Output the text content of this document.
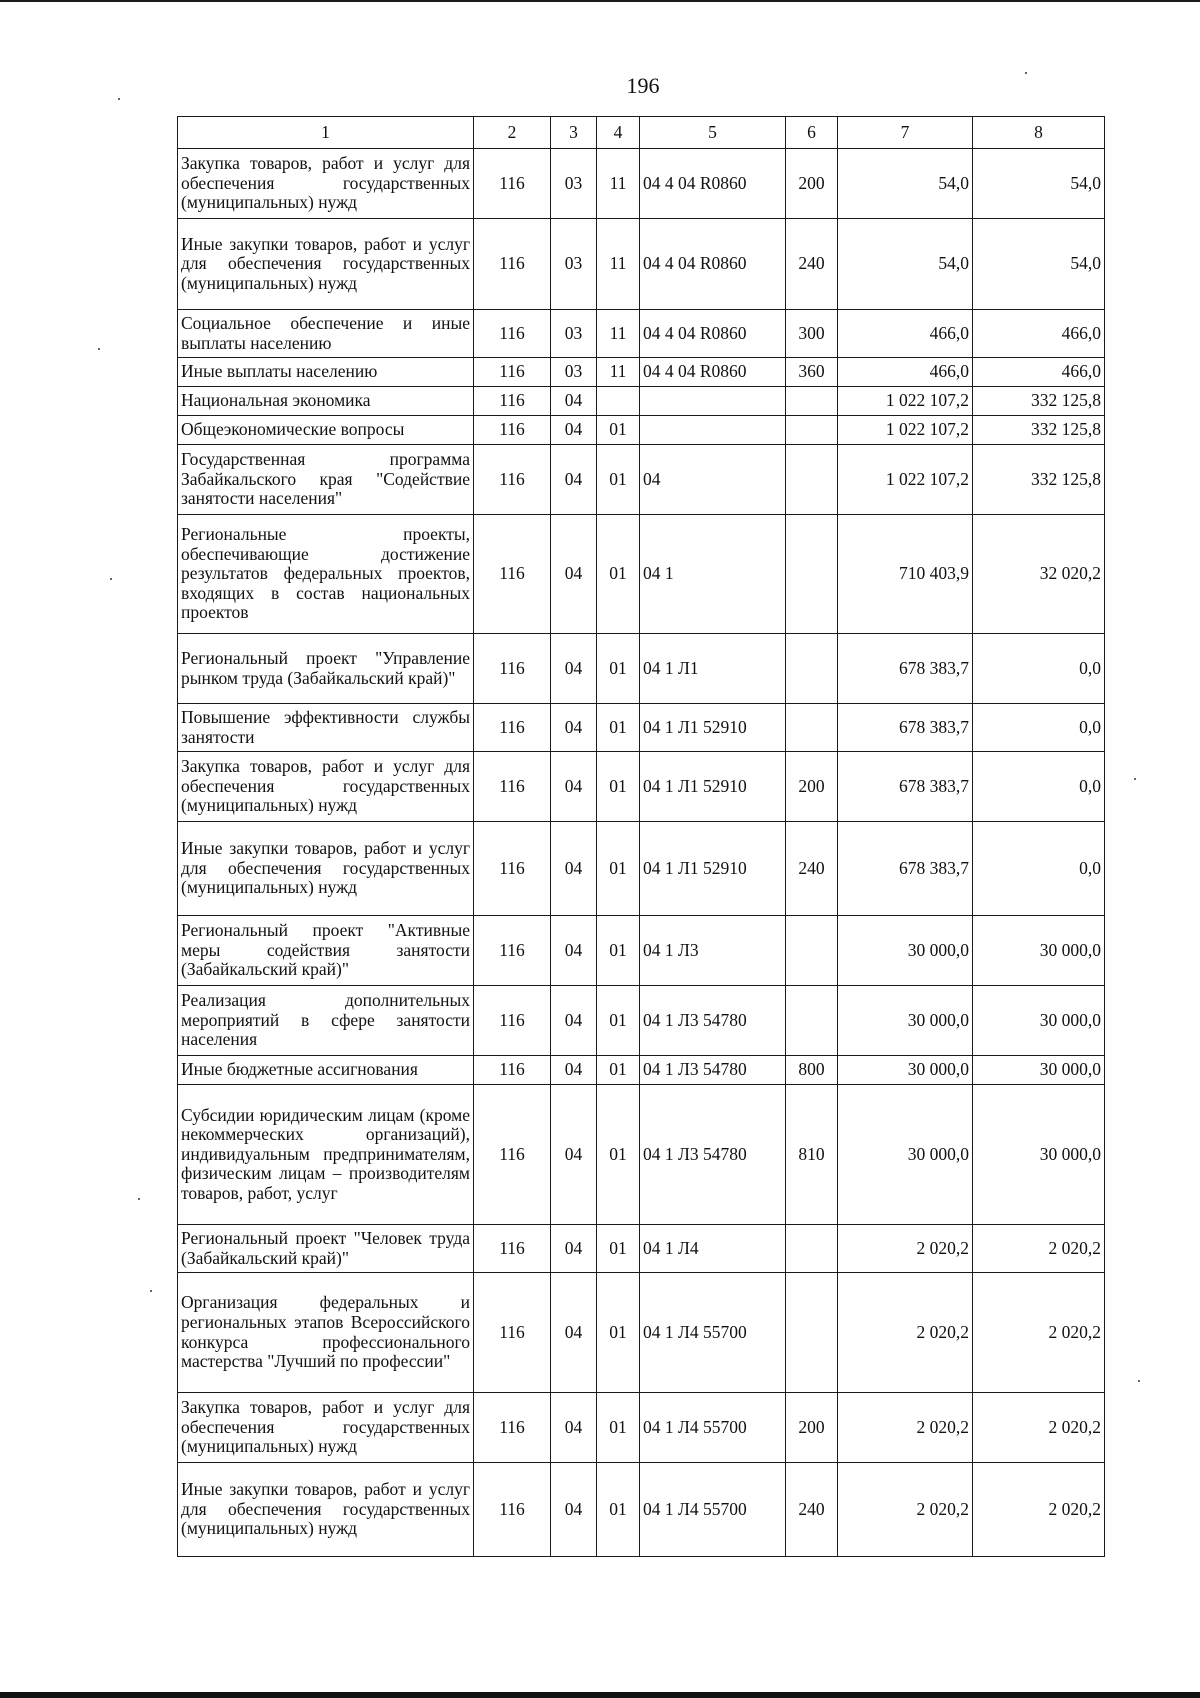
196
1	2	3	4	5	6	7	8
Закупка товаров, работ и услуг для обеспечения государственных (муниципальных) нужд	116	03	11	04 4 04 R0860	200	54,0	54,0
Иные закупки товаров, работ и услуг для обеспечения государственных (муниципальных) нужд	116	03	11	04 4 04 R0860	240	54,0	54,0
Социальное обеспечение и иные выплаты населению	116	03	11	04 4 04 R0860	300	466,0	466,0
Иные выплаты населению	116	03	11	04 4 04 R0860	360	466,0	466,0
Национальная экономика	116	04				1 022 107,2	332 125,8
Общеэкономические вопросы	116	04	01			1 022 107,2	332 125,8
Государственная программа Забайкальского края "Содействие занятости населения"	116	04	01	04		1 022 107,2	332 125,8
Региональные проекты, обеспечивающие достижение результатов федеральных проектов, входящих в состав национальных проектов	116	04	01	04 1		710 403,9	32 020,2
Региональный проект "Управление рынком труда (Забайкальский край)"	116	04	01	04 1 Л1		678 383,7	0,0
Повышение эффективности службы занятости	116	04	01	04 1 Л1 52910		678 383,7	0,0
Закупка товаров, работ и услуг для обеспечения государственных (муниципальных) нужд	116	04	01	04 1 Л1 52910	200	678 383,7	0,0
Иные закупки товаров, работ и услуг для обеспечения государственных (муниципальных) нужд	116	04	01	04 1 Л1 52910	240	678 383,7	0,0
Региональный проект "Активные меры содействия занятости (Забайкальский край)"	116	04	01	04 1 Л3		30 000,0	30 000,0
Реализация дополнительных мероприятий в сфере занятости населения	116	04	01	04 1 Л3 54780		30 000,0	30 000,0
Иные бюджетные ассигнования	116	04	01	04 1 Л3 54780	800	30 000,0	30 000,0
Субсидии юридическим лицам (кроме некоммерческих организаций), индивидуальным предпринимателям, физическим лицам – производителям товаров, работ, услуг	116	04	01	04 1 Л3 54780	810	30 000,0	30 000,0
Региональный проект "Человек труда (Забайкальский край)"	116	04	01	04 1 Л4		2 020,2	2 020,2
Организация федеральных и региональных этапов Всероссийского конкурса профессионального мастерства "Лучший по профессии"	116	04	01	04 1 Л4 55700		2 020,2	2 020,2
Закупка товаров, работ и услуг для обеспечения государственных (муниципальных) нужд	116	04	01	04 1 Л4 55700	200	2 020,2	2 020,2
Иные закупки товаров, работ и услуг для обеспечения государственных (муниципальных) нужд	116	04	01	04 1 Л4 55700	240	2 020,2	2 020,2
